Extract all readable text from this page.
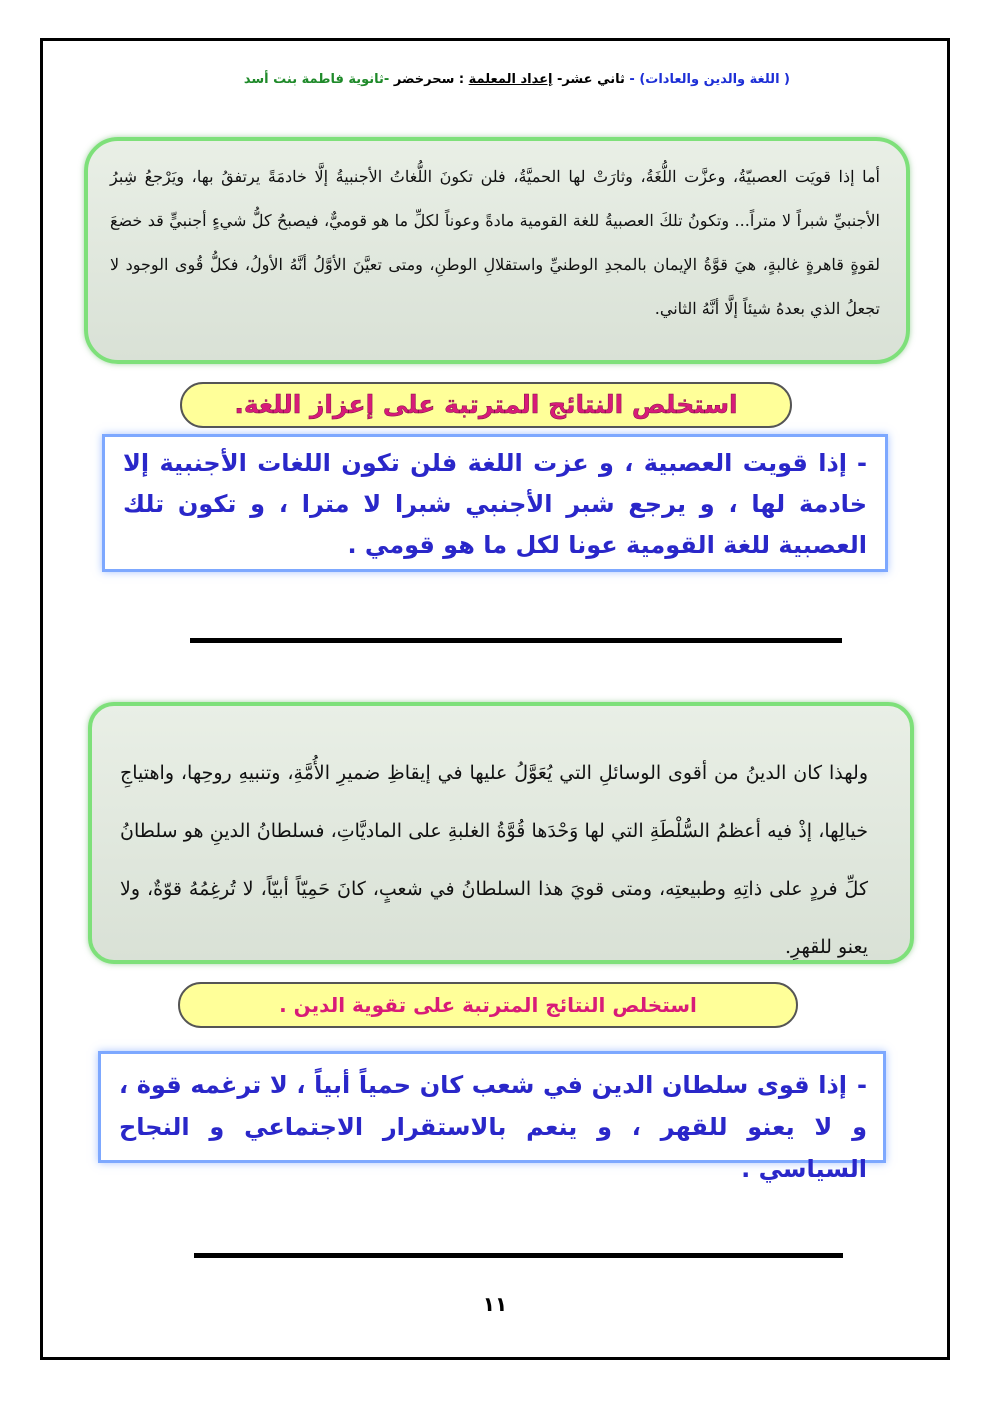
( اللغة والدين والعادات) - ثاني عشر- إعداد المعلمة : سحرخضر -ثانوية فاطمة بنت أسد
أما إذا قويَت العصبيّةُ، وعزَّت اللُّغَةُ، وثارَتْ لها الحميَّةُ، فلن تكونَ اللُّغاتُ الأجنبيةُ إلَّا خادمَةً يرتفقُ بها، ويَرْجعُ شِبرُ الأجنبيِّ شبراً لا متراً... وتكونُ تلكَ العصبيةُ للغة القومية مادةً وعوناً لكلِّ ما هو قوميٌّ، فيصبحُ كلُّ شيءٍ أجنبيٍّ قد خضعَ لقوةٍ قاهرةٍ غالبةٍ، هيَ قوَّةُ الإيمان بالمجدِ الوطنيِّ واستقلالِ الوطنِ، ومتى تعيَّنَ الأوَّلُ أنَّهُ الأولُ، فكلُّ قُوى الوجود لا تجعلُ الذي بعدهُ شيئاً إلَّا أنَّهُ الثاني.
استخلص النتائج المترتبة على إعزاز اللغة.
-إذا قويت العصبية ، و عزت اللغة فلن تكون اللغات الأجنبية إلا خادمة لها ، و يرجع شبر الأجنبي شبرا لا مترا ، و تكون تلك العصبية للغة القومية عونا لكل ما هو قومي .
ولهذا كان الدينُ من أقوى الوسائلِ التي يُعَوَّلُ عليها في إيقاظِ ضميرِ الأُمَّةِ، وتنبيهِ روحِها، واهتياجِ خيالِها، إذْ فيه أعظمُ السُّلْطَةِ التي لها وَحْدَها قُوَّةُ الغلبةِ على الماديَّاتِ، فسلطانُ الدينِ هو سلطانُ كلِّ فردٍ على ذاتِهِ وطبيعتِه، ومتى قويَ هذا السلطانُ في شعبٍ، كانَ حَمِيّاً أبيّاً، لا تُرغِمُهُ قوّةٌ، ولا يعنو للقهرِ.
استخلص النتائج المترتبة على تقوية الدين .
-إذا قوى سلطان الدين في شعب كان حمياً أبياً ، لا ترغمه قوة ، و لا يعنو للقهر ، و ينعم بالاستقرار الاجتماعي و النجاح السياسي .
١١
